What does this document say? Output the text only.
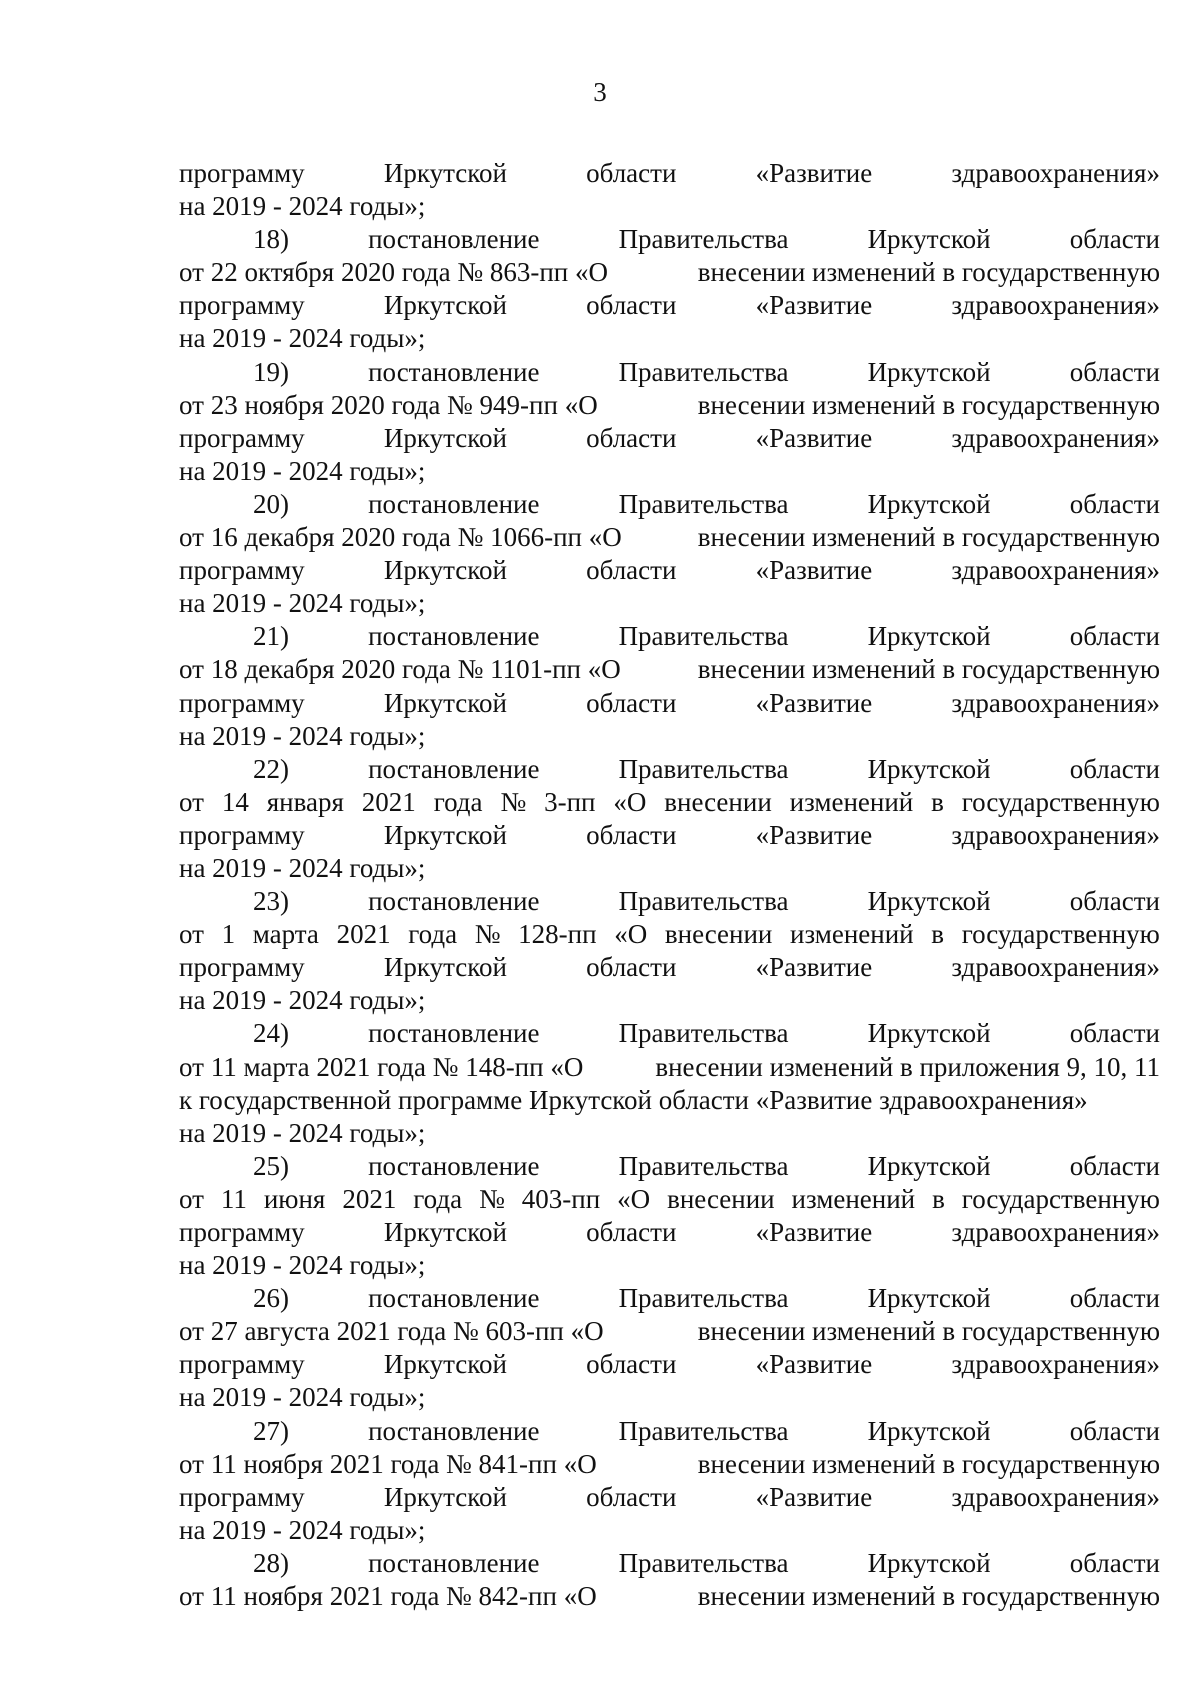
3
программу	Иркутской	области	«Развитие	здравоохранения»
на 2019 - 2024 годы»;
18)	постановление	Правительства	Иркутской	области
от 22 октября 2020 года № 863-пп «О	внесении изменений в государственную
программу	Иркутской	области	«Развитие	здравоохранения»
на 2019 - 2024 годы»;
19)	постановление	Правительства	Иркутской	области
от 23 ноября 2020 года № 949-пп «О	внесении изменений в государственную
программу	Иркутской	области	«Развитие	здравоохранения»
на 2019 - 2024 годы»;
20)	постановление	Правительства	Иркутской	области
от 16 декабря 2020 года № 1066-пп «О	внесении изменений в государственную
программу	Иркутской	области	«Развитие	здравоохранения»
на 2019 - 2024 годы»;
21)	постановление	Правительства	Иркутской	области
от 18 декабря 2020 года № 1101-пп «О	внесении изменений в государственную
программу	Иркутской	области	«Развитие	здравоохранения»
на 2019 - 2024 годы»;
22)	постановление	Правительства	Иркутской	области
от 14 января 2021 года № 3-пп «О внесении изменений в государственную
программу	Иркутской	области	«Развитие	здравоохранения»
на 2019 - 2024 годы»;
23)	постановление	Правительства	Иркутской	области
от 1 марта 2021 года № 128-пп «О внесении изменений в государственную
программу	Иркутской	области	«Развитие	здравоохранения»
на 2019 - 2024 годы»;
24)	постановление	Правительства	Иркутской	области
от 11 марта 2021 года № 148-пп «О	внесении изменений в приложения 9, 10, 11
к государственной программе Иркутской области «Развитие здравоохранения»
на 2019 - 2024 годы»;
25)	постановление	Правительства	Иркутской	области
от 11 июня 2021 года № 403-пп «О внесении изменений в государственную
программу	Иркутской	области	«Развитие	здравоохранения»
на 2019 - 2024 годы»;
26)	постановление	Правительства	Иркутской	области
от 27 августа 2021 года № 603-пп «О	внесении изменений в государственную
программу	Иркутской	области	«Развитие	здравоохранения»
на 2019 - 2024 годы»;
27)	постановление	Правительства	Иркутской	области
от 11 ноября 2021 года № 841-пп «О	внесении изменений в государственную
программу	Иркутской	области	«Развитие	здравоохранения»
на 2019 - 2024 годы»;
28)	постановление	Правительства	Иркутской	области
от 11 ноября 2021 года № 842-пп «О	внесении изменений в государственную
